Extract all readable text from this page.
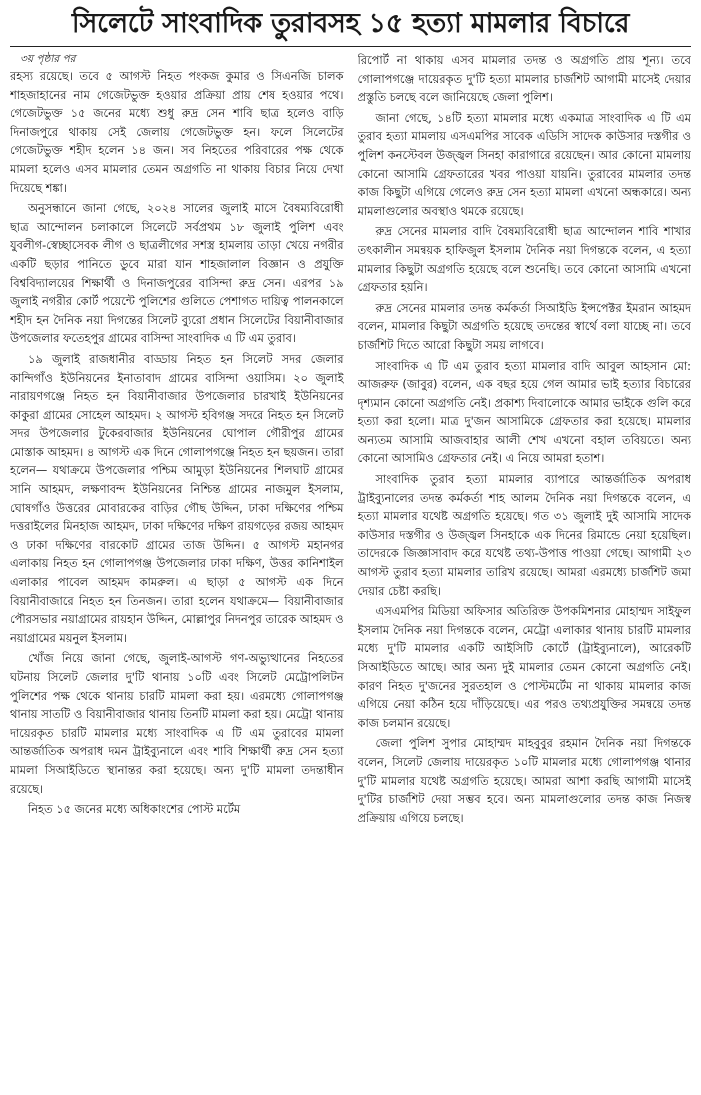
সিলেটে সাংবাদিক তুরাবসহ ১৫ হত্যা মামলার বিচারে
৩য় পৃষ্ঠার পর

রহস্য রয়েছে। তবে ৫ আগস্ট নিহত পংকজ কুমার ও সিএনজি চালক শাহজাহানের নাম গেজেটভুক্ত হওয়ার প্রক্রিয়া প্রায় শেষ হওয়ার পথে। গেজেটভুক্ত ১৫ জনের মধ্যে শুধু রুদ্র সেন শাবি ছাত্র হলেও বাড়ি দিনাজপুরে থাকায় সেই জেলায় গেজেটভুক্ত হন। ফলে সিলেটের গেজেটভুক্ত শহীদ হলেন ১৪ জন। সব নিহতের পরিবারের পক্ষ থেকে মামলা হলেও এসব মামলার তেমন অগ্রগতি না থাকায় বিচার নিয়ে দেখা দিয়েছে শঙ্কা।

অনুসন্ধানে জানা গেছে, ২০২৪ সালের জুলাই মাসে বৈষম্যবিরোধী ছাত্র আন্দোলন চলাকালে সিলেটে সর্বপ্রথম ১৮ জুলাই পুলিশ এবং যুবলীগ-স্বেচ্ছাসেবক লীগ ও ছাত্রলীগের সশস্ত্র হামলায় তাড়া খেয়ে নগরীর একটি ছড়ার পানিতে ডুবে মারা যান শাহজালাল বিজ্ঞান ও প্রযুক্তি বিশ্ববিদ্যালয়ের শিক্ষার্থী ও দিনাজপুরের বাসিন্দা রুদ্র সেন। এরপর ১৯ জুলাই নগরীর কোর্ট পয়েন্টে পুলিশের গুলিতে পেশাগত দায়িত্ব পালনকালে শহীদ হন দৈনিক নয়া দিগন্তের সিলেট ব্যুরো প্রধান সিলেটের বিয়ানীবাজার উপজেলার ফতেহপুর গ্রামের বাসিন্দা সাংবাদিক এ টি এম তুরাব।

১৯ জুলাই রাজধানীর বাড্ডায় নিহত হন সিলেট সদর জেলার কান্দিগাঁও ইউনিয়নের ইনাতাবাদ গ্রামের বাসিন্দা ওয়াসিম। ২০ জুলাই নারায়ণগঞ্জে নিহত হন বিয়ানীবাজার উপজেলার চারখাই ইউনিয়নের কাকুরা গ্রামের সোহেল আহমদ। ২ আগস্ট হবিগঞ্জ সদরে নিহত হন সিলেট সদর উপজেলার টুকেরবাজার ইউনিয়নের ঘোপাল গৌরীপুর গ্রামের মোস্তাক আহমদ। ৪ আগস্ট এক দিনে গোলাপগঞ্জে নিহত হন ছয়জন। তারা হলেন— যথাক্রমে উপজেলার পশ্চিম আমুড়া ইউনিয়নের শিলঘাট গ্রামের সানি আহমদ, লক্ষণাবন্দ ইউনিয়নের নিশ্চিন্ত গ্রামের নাজমুল ইসলাম, ঘোষগাঁও উত্তরের মোবারকের বাড়ির গৌছ উদ্দিন, ঢাকা দক্ষিণের পশ্চিম দত্তরাইলের মিনহাজ আহমদ, ঢাকা দক্ষিণের দক্ষিণ রায়গড়ের রজয় আহমদ ও ঢাকা দক্ষিণের বারকোট গ্রামের তাজ উদ্দিন। ৫ আগস্ট মহানগর এলাকায় নিহত হন গোলাপগঞ্জ উপজেলার ঢাকা দক্ষিণ, উত্তর কানিশাইল এলাকার পাবেল আহমদ কামরুল। এ ছাড়া ৫ আগস্ট এক দিনে বিয়ানীবাজারে নিহত হন তিনজন। তারা হলেন যথাক্রমে— বিয়ানীবাজার পৌরসভার নয়াগ্রামের রায়হান উদ্দিন, মোল্লাপুর নিদনপুর তারেক আহমদ ও নয়াগ্রামের ময়নুল ইসলাম।

খোঁজ নিয়ে জানা গেছে, জুলাই-আগস্ট গণ-অভ্যুত্থানের নিহতের ঘটনায় সিলেট জেলার দু'টি থানায় ১০টি এবং সিলেট মেট্রোপলিটন পুলিশের পক্ষ থেকে থানায় চারটি মামলা করা হয়। এরমধ্যে গোলাপগঞ্জ থানায় সাতটি ও বিয়ানীবাজার থানায় তিনটি মামলা করা হয়। মেট্রো থানায় দায়েরকৃত চারটি মামলার মধ্যে সাংবাদিক এ টি এম তুরাবের মামলা আন্তর্জাতিক অপরাধ দমন ট্রাইব্যুনালে এবং শাবি শিক্ষার্থী রুদ্র সেন হত্যা মামলা সিআইডিতে স্থানান্তর করা হয়েছে। অন্য দু'টি মামলা তদন্তাধীন রয়েছে।

নিহত ১৫ জনের মধ্যে অধিকাংশের পোস্ট মর্টেম

রিপোর্ট না থাকায় এসব মামলার তদন্ত ও অগ্রগতি প্রায় শূন্য। তবে গোলাপগঞ্জে দায়েরকৃত দু'টি হত্যা মামলার চার্জশিট আগামী মাসেই দেয়ার প্রস্তুতি চলছে বলে জানিয়েছে জেলা পুলিশ।

জানা গেছে, ১৪টি হত্যা মামলার মধ্যে একমাত্র সাংবাদিক এ টি এম তুরাব হত্যা মামলায় এসএমপির সাবেক এডিসি সাদেক কাউসার দস্তগীর ও পুলিশ কনস্টেবল উজ্জ্বল সিনহা কারাগারে রয়েছেন। আর কোনো মামলায় কোনো আসামি গ্রেফতারের খবর পাওয়া যায়নি। তুরাবের মামলার তদন্ত কাজ কিছুটা এগিয়ে গেলেও রুদ্র সেন হত্যা মামলা এখনো অন্ধকারে। অন্য মামলাগুলোর অবস্থাও থমকে রয়েছে।

রুদ্র সেনের মামলার বাদি বৈষম্যবিরোধী ছাত্র আন্দোলন শাবি শাখার তৎকালীন সমন্বয়ক হাফিজুল ইসলাম দৈনিক নয়া দিগন্তকে বলেন, এ হত্যা মামলার কিছুটা অগ্রগতি হয়েছে বলে শুনেছি। তবে কোনো আসামি এখনো গ্রেফতার হয়নি।

রুদ্র সেনের মামলার তদন্ত কর্মকর্তা সিআইডি ইন্সপেক্টর ইমরান আহমদ বলেন, মামলার কিছুটা অগ্রগতি হয়েছে তদন্তের স্বার্থে বলা যাচ্ছে না। তবে চার্জশিট দিতে আরো কিছুটা সময় লাগবে।

সাংবাদিক এ টি এম তুরাব হত্যা মামলার বাদি আবুল আহসান মো: আজরুফ (জাবুর) বলেন, এক বছর হয়ে গেল আমার ভাই হত্যার বিচারের দৃশ্যমান কোনো অগ্রগতি নেই। প্রকাশ্য দিবালোকে আমার ভাইকে গুলি করে হত্যা করা হলো। মাত্র দু'জন আসামিকে গ্রেফতার করা হয়েছে। মামলার অন্যতম আসামি আজবাহার আলী শেখ এখনো বহাল তবিয়তে। অন্য কোনো আসামিও গ্রেফতার নেই। এ নিয়ে আমরা হতাশ।

সাংবাদিক তুরাব হত্যা মামলার ব্যাপারে আন্তর্জাতিক অপরাধ ট্রাইব্যুনালের তদন্ত কর্মকর্তা শাহ আলম দৈনিক নয়া দিগন্তকে বলেন, এ হত্যা মামলার যথেষ্ট অগ্রগতি হয়েছে। গত ৩১ জুলাই দুই আসামি সাদেক কাউসার দস্তগীর ও উজ্জ্বল সিনহাকে এক দিনের রিমান্ডে নেয়া হয়েছিল। তাদেরকে জিজ্ঞাসাবাদ করে যথেষ্ট তথ্য-উপাত্ত পাওয়া গেছে। আগামী ২৩ আগস্ট তুরাব হত্যা মামলার তারিখ রয়েছে। আমরা এরমধ্যে চার্জশিট জমা দেয়ার চেষ্টা করছি।

এসএমপির মিডিয়া অফিসার অতিরিক্ত উপকমিশনার মোহাম্মদ সাইফুল ইসলাম দৈনিক নয়া দিগন্তকে বলেন, মেট্রো এলাকার থানায় চারটি মামলার মধ্যে দু'টি মামলার একটি আইসিটি কোর্টে (ট্রাইব্যুনালে), আরেকটি সিআইডিতে আছে। আর অন্য দুই মামলার তেমন কোনো অগ্রগতি নেই। কারণ নিহত দু'জনের সুরতহাল ও পোস্টমর্টেম না থাকায় মামলার কাজ এগিয়ে নেয়া কঠিন হয়ে দাঁড়িয়েছে। এর পরও তথ্যপ্রযুক্তির সমন্বয়ে তদন্ত কাজ চলমান রয়েছে।

জেলা পুলিশ সুপার মোহাম্মদ মাহবুবুর রহমান দৈনিক নয়া দিগন্তকে বলেন, সিলেট জেলায় দায়েরকৃত ১০টি মামলার মধ্যে গোলাপগঞ্জ থানার দু'টি মামলার যথেষ্ট অগ্রগতি হয়েছে। আমরা আশা করছি আগামী মাসেই দু'টির চার্জশিট দেয়া সম্ভব হবে। অন্য মামলাগুলোর তদন্ত কাজ নিজস্ব প্রক্রিয়ায় এগিয়ে চলছে।
